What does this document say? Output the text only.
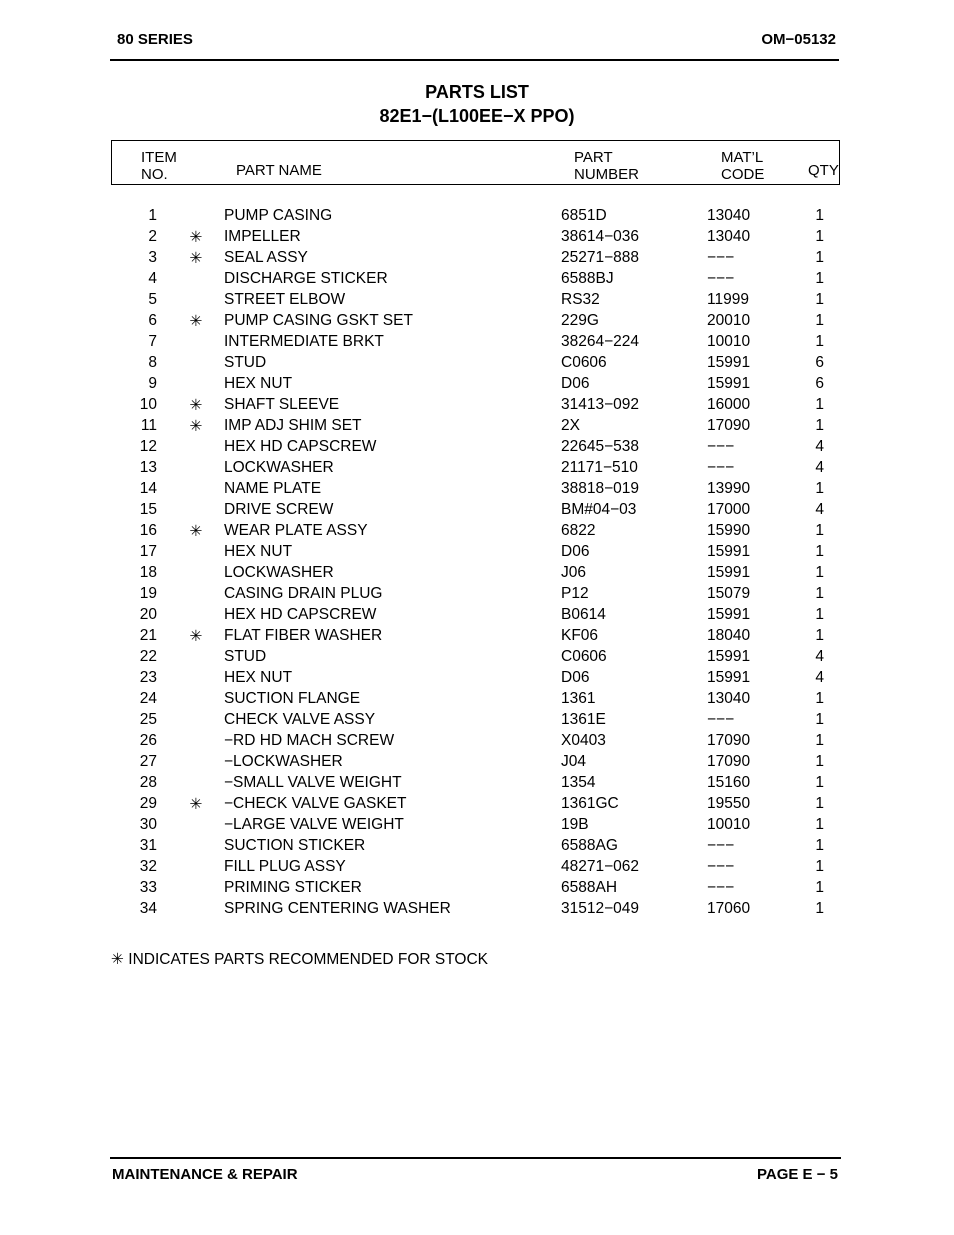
80 SERIES	OM−05132
PARTS LIST
82E1−(L100EE−X PPO)
ITEM
NO.	PART NAME
PART
NUMBER
MAT’L
CODE	QTY
1	PUMP CASING	6851D	13040	1
2 ✳ IMPELLER	38614−036	13040	1
3 ✳ SEAL ASSY	25271−888	−−−	1
4	DISCHARGE STICKER	6588BJ	−−−	1
5	STREET ELBOW	RS32	11999	1
6 ✳ PUMP CASING GSKT SET	229G	20010	1
7	INTERMEDIATE BRKT	38264−224	10010	1
8	STUD	C0606	15991	6
9	HEX NUT	D06	15991	6
10 ✳ SHAFT SLEEVE	31413−092	16000	1
11 ✳ IMP ADJ SHIM SET	2X	17090	1
12	HEX HD CAPSCREW	22645−538	−−−	4
13	LOCKWASHER	21171−510	−−−	4
14	NAME PLATE	38818−019	13990	1
15	DRIVE SCREW	BM#04−03	17000	4
16 ✳ WEAR PLATE ASSY	6822	15990	1
17	HEX NUT	D06	15991	1
18	LOCKWASHER	J06	15991	1
19	CASING DRAIN PLUG	P12	15079	1
20	HEX HD CAPSCREW	B0614	15991	1
21 ✳ FLAT FIBER WASHER	KF06	18040	1
22	STUD	C0606	15991	4
23	HEX NUT	D06	15991	4
24	SUCTION FLANGE	1361	13040	1
25	CHECK VALVE ASSY	1361E	−−−	1
26	−RD HD MACH SCREW	X0403	17090	1
27	−LOCKWASHER	J04	17090	1
28	−SMALL VALVE WEIGHT	1354	15160	1
29 ✳ −CHECK VALVE GASKET	1361GC	19550	1
30	−LARGE VALVE WEIGHT	19B	10010	1
31	SUCTION STICKER	6588AG	−−−	1
32	FILL PLUG ASSY	48271−062	−−−	1
33	PRIMING STICKER	6588AH	−−−	1
34	SPRING CENTERING WASHER	31512−049	17060	1
✳ INDICATES PARTS RECOMMENDED FOR STOCK
MAINTENANCE & REPAIR	PAGE E − 5
